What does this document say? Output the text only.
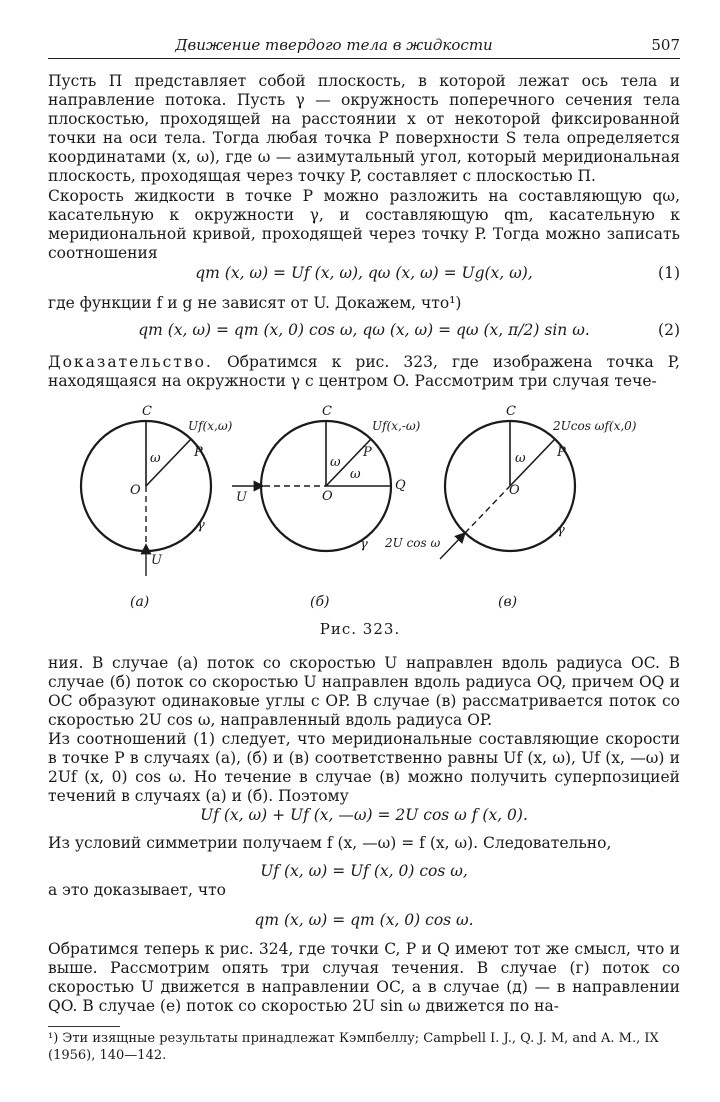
Движение твердого тела в жидкости	507
Пусть П представляет собой плоскость, в которой лежат ось тела и направление потока. Пусть γ — окружность поперечного сечения тела плоскостью, проходящей на расстоянии x от некоторой фиксированной точки на оси тела. Тогда любая точка P поверхности S тела определяется координатами (x, ω), где ω — азимутальный угол, который меридиональная плоскость, проходящая через точку P, составляет с плоскостью П.
Скорость жидкости в точке P можно разложить на составляющую qω, касательную к окружности γ, и составляющую qm, касательную к меридиональной кривой, проходящей через точку P. Тогда можно записать соотношения
qm (x, ω) = Uf (x, ω), qω (x, ω) = Ug(x, ω),	(1)
где функции f и g не зависят от U. Докажем, что¹)
qm (x, ω) = qm (x, 0) cos ω, qω (x, ω) = qω (x, π/2) sin ω.	(2)
Доказательство. Обратимся к рис. 323, где изображена точка P, находящаяся на окружности γ с центром O. Рассмотрим три случая тече-
C
O
P
ω
γ
U
Uf(x,ω)
(а)
C
O
P
Q
ω
ω
γ
U
Uf(x,-ω)
(б)
C
O
P
ω
γ
2U cos ω
2Ucos ωf(x,0)
(в)
Рис. 323.
ния. В случае (а) поток со скоростью U направлен вдоль радиуса OC. В случае (б) поток со скоростью U направлен вдоль радиуса OQ, причем OQ и OC образуют одинаковые углы с OP. В случае (в) рассматривается поток со скоростью 2U cos ω, направленный вдоль радиуса OP.
Из соотношений (1) следует, что меридиональные составляющие скорости в точке P в случаях (а), (б) и (в) соответственно равны Uf (x, ω), Uf (x, —ω) и 2Uf (x, 0) cos ω. Но течение в случае (в) можно получить суперпозицией течений в случаях (а) и (б). Поэтому
Uf (x, ω) + Uf (x, —ω) = 2U cos ω f (x, 0).
Из условий симметрии получаем f (x, —ω) = f (x, ω). Следовательно,
Uf (x, ω) = Uf (x, 0) cos ω,
а это доказывает, что
qm (x, ω) = qm (x, 0) cos ω.
Обратимся теперь к рис. 324, где точки C, P и Q имеют тот же смысл, что и выше. Рассмотрим опять три случая течения. В случае (г) поток со скоростью U движется в направлении OC, а в случае (д) — в направлении QO. В случае (е) поток со скоростью 2U sin ω движется по на-
¹) Эти изящные результаты принадлежат Кэмпбеллу; Campbell I. J., Q. J. M, and A. M., IX (1956), 140—142.
